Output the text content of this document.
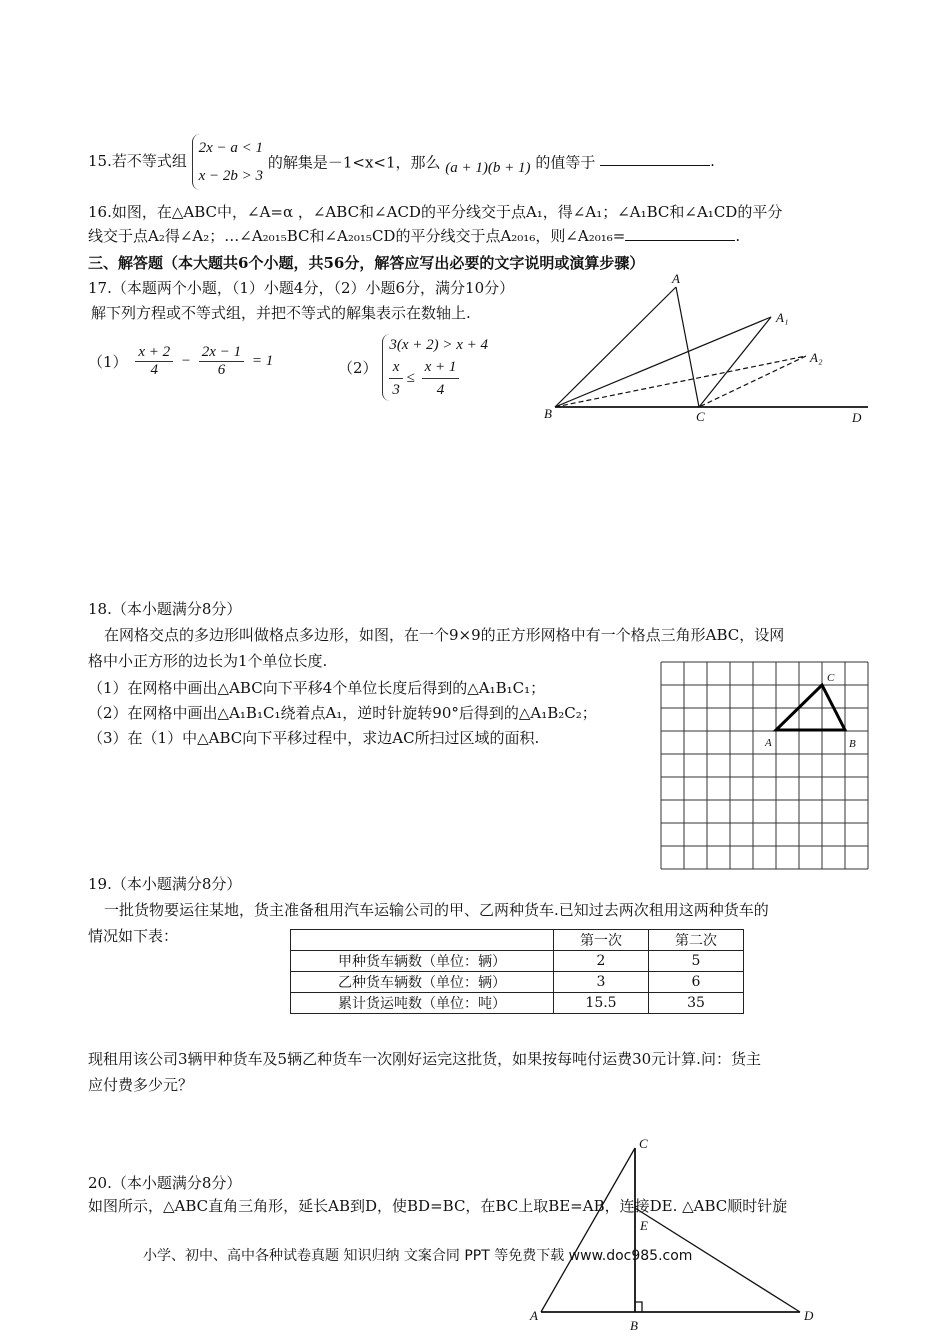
15.若不等式组
2x − a < 1
x − 2b > 3
的解集是－1<x<1，那么 (a + 1)(b + 1) 的值等于	.
16.如图，在△ABC中，∠A=α ，∠ABC和∠ACD的平分线交于点A₁，得∠A₁；∠A₁BC和∠A₁CD的平分
线交于点A₂得∠A₂；…∠A₂₀₁₅BC和∠A₂₀₁₅CD的平分线交于点A₂₀₁₆，则∠A₂₀₁₆=	.
三、解答题（本大题共6个小题，共56分，解答应写出必要的文字说明或演算步骤）
17.（本题两个小题，（1）小题4分，（2）小题6分，满分10分）
解下列方程或不等式组，并把不等式的解集表示在数轴上.
$(1) \frac{x + 2}{4} - \frac{2x - 1}{6} = 1$	（2）
3(x + 2) > x + 4
$\frac{x}{3} \le \frac{x + 1}{4}$
A
A₁
A₂
B	C	D
18.（本小题满分8分）
在网格交点的多边形叫做格点多边形，如图，在一个9×9的正方形网格中有一个格点三角形ABC，设网
格中小正方形的边长为1个单位长度.
（1）在网格中画出△ABC向下平移4个单位长度后得到的△A₁B₁C₁；
（2）在网格中画出△A₁B₁C₁绕着点A₁，逆时针旋转90°后得到的△A₁B₂C₂；
（3）在（1）中△ABC向下平移过程中，求边AC所扫过区域的面积.	A	B
C
19.（本小题满分8分）
一批货物要运往某地，货主准备租用汽车运输公司的甲、乙两种货车.已知过去两次租用这两种货车的
情况如下表：
		第一次	第二次
甲种货车辆数（单位：辆）	2	5
乙种货车辆数（单位：辆）	3	6
累计货运吨数（单位：吨）	15.5	35
现租用该公司3辆甲种货车及5辆乙种货车一次刚好运完这批货，如果按每吨付运费30元计算.问：货主
应付费多少元？
20.（本小题满分8分）
如图所示，△ABC直角三角形，延长AB到D，使BD=BC，在BC上取BE=AB，连接DE. △ABC顺时针旋
C
E
A
B
D
小学、初中、高中各种试卷真题 知识归纳 文案合同 PPT 等免费下载 www.doc985.com
